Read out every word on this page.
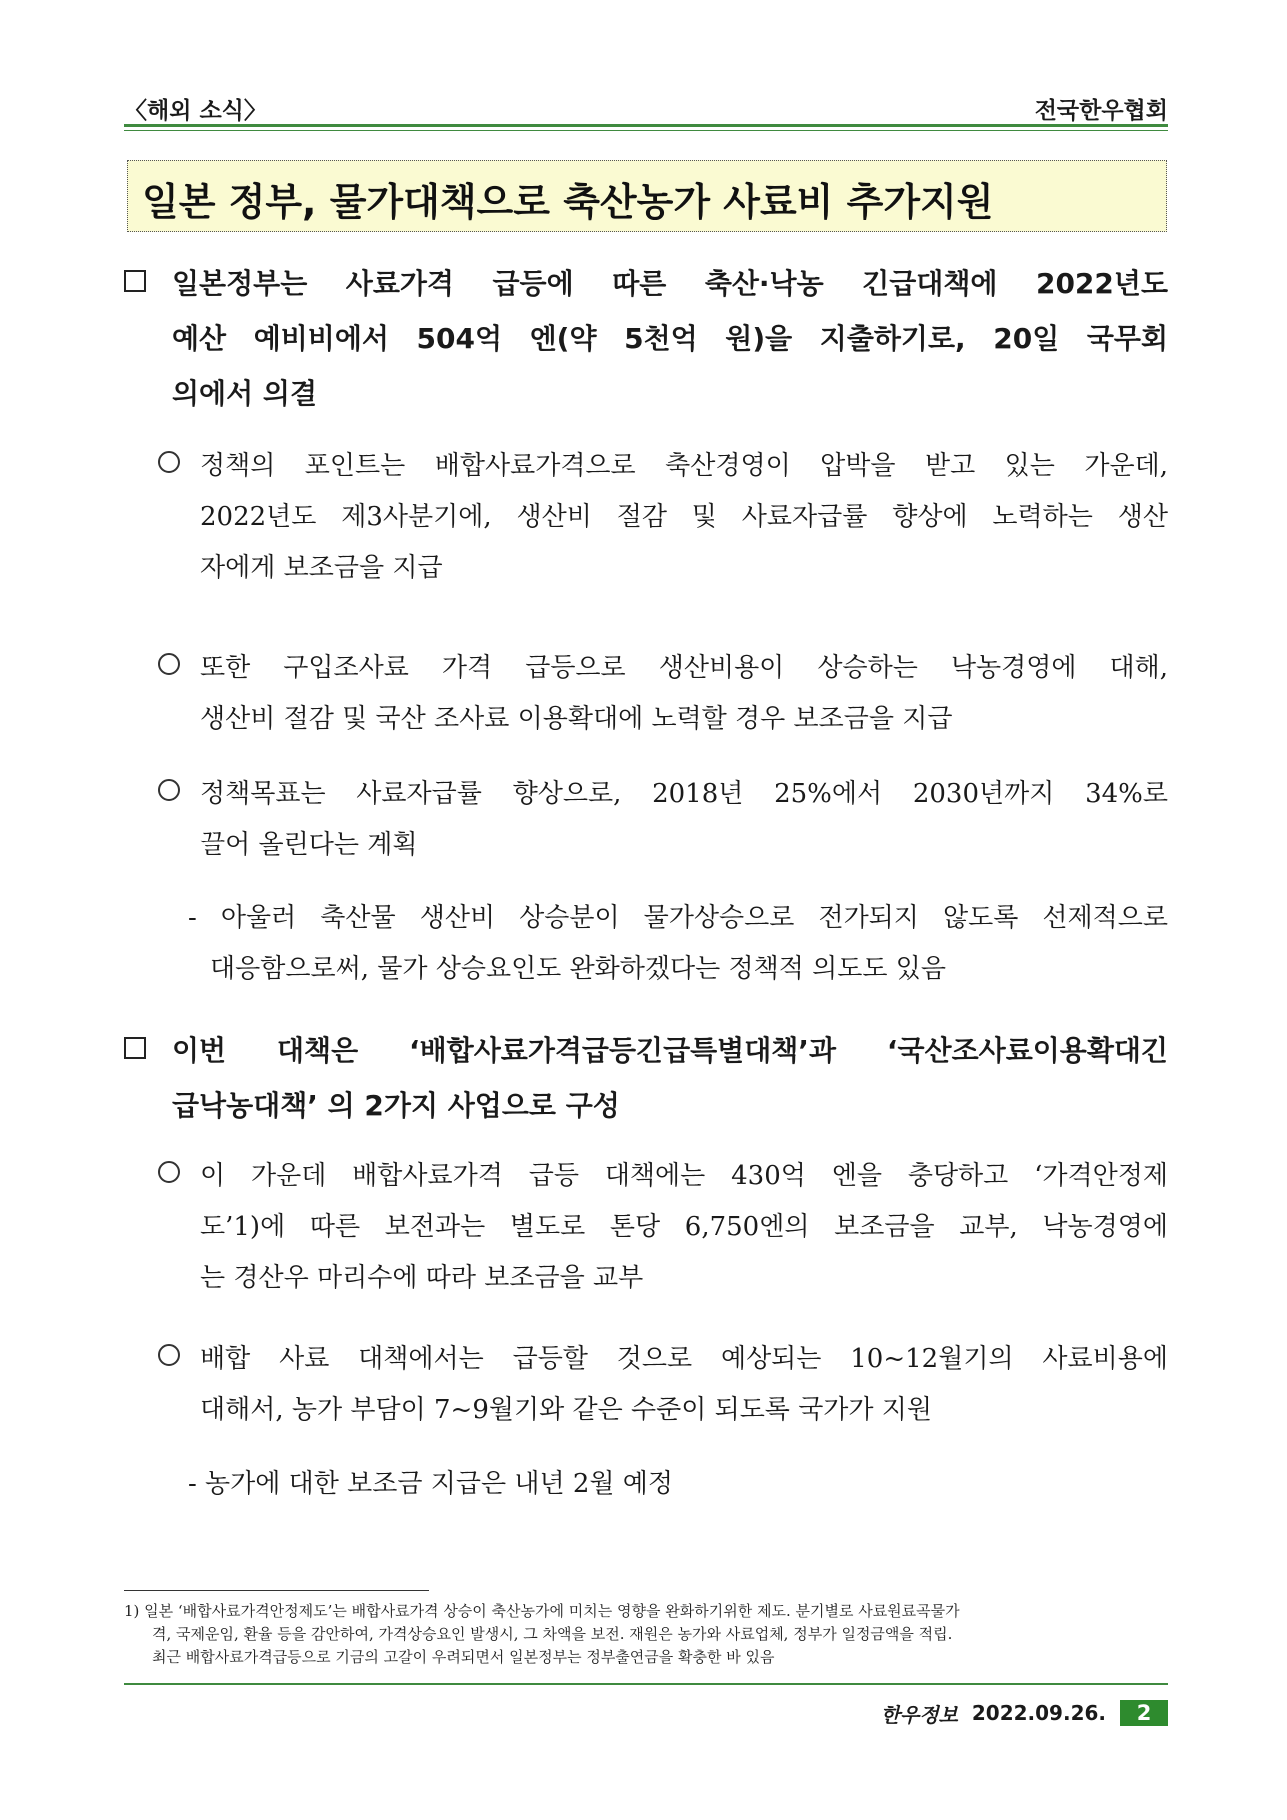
〈해외 소식〉	전국한우협회
일본 정부, 물가대책으로 축산농가 사료비 추가지원
일본정부는 사료가격 급등에 따른 축산·낙농 긴급대책에 2022년도
예산 예비비에서 504억 엔(약 5천억 원)을 지출하기로, 20일 국무회
의에서 의결
정책의 포인트는 배합사료가격으로 축산경영이 압박을 받고 있는 가운데,
2022년도 제3사분기에, 생산비 절감 및 사료자급률 향상에 노력하는 생산
자에게 보조금을 지급
또한 구입조사료 가격 급등으로 생산비용이 상승하는 낙농경영에 대해,
생산비 절감 및 국산 조사료 이용확대에 노력할 경우 보조금을 지급
정책목표는 사료자급률 향상으로, 2018년 25%에서 2030년까지 34%로
끌어 올린다는 계획
- 아울러 축산물 생산비 상승분이 물가상승으로 전가되지 않도록 선제적으로
대응함으로써, 물가 상승요인도 완화하겠다는 정책적 의도도 있음
이번 대책은 ‘배합사료가격급등긴급특별대책’과 ‘국산조사료이용확대긴
급낙농대책’ 의 2가지 사업으로 구성
이 가운데 배합사료가격 급등 대책에는 430억 엔을 충당하고 ‘가격안정제
도’1)에 따른 보전과는 별도로 톤당 6,750엔의 보조금을 교부, 낙농경영에
는 경산우 마리수에 따라 보조금을 교부
배합 사료 대책에서는 급등할 것으로 예상되는 10~12월기의 사료비용에
대해서, 농가 부담이 7~9월기와 같은 수준이 되도록 국가가 지원
- 농가에 대한 보조금 지급은 내년 2월 예정
1) 일본 ‘배합사료가격안정제도’는 배합사료가격 상승이 축산농가에 미치는 영향을 완화하기위한 제도. 분기별로 사료원료곡물가
격, 국제운임, 환율 등을 감안하여, 가격상승요인 발생시, 그 차액을 보전. 재원은 농가와 사료업체, 정부가 일정금액을 적립.
최근 배합사료가격급등으로 기금의 고갈이 우려되면서 일본정부는 정부출연금을 확충한 바 있음
한우정보 2022.09.26.	2
